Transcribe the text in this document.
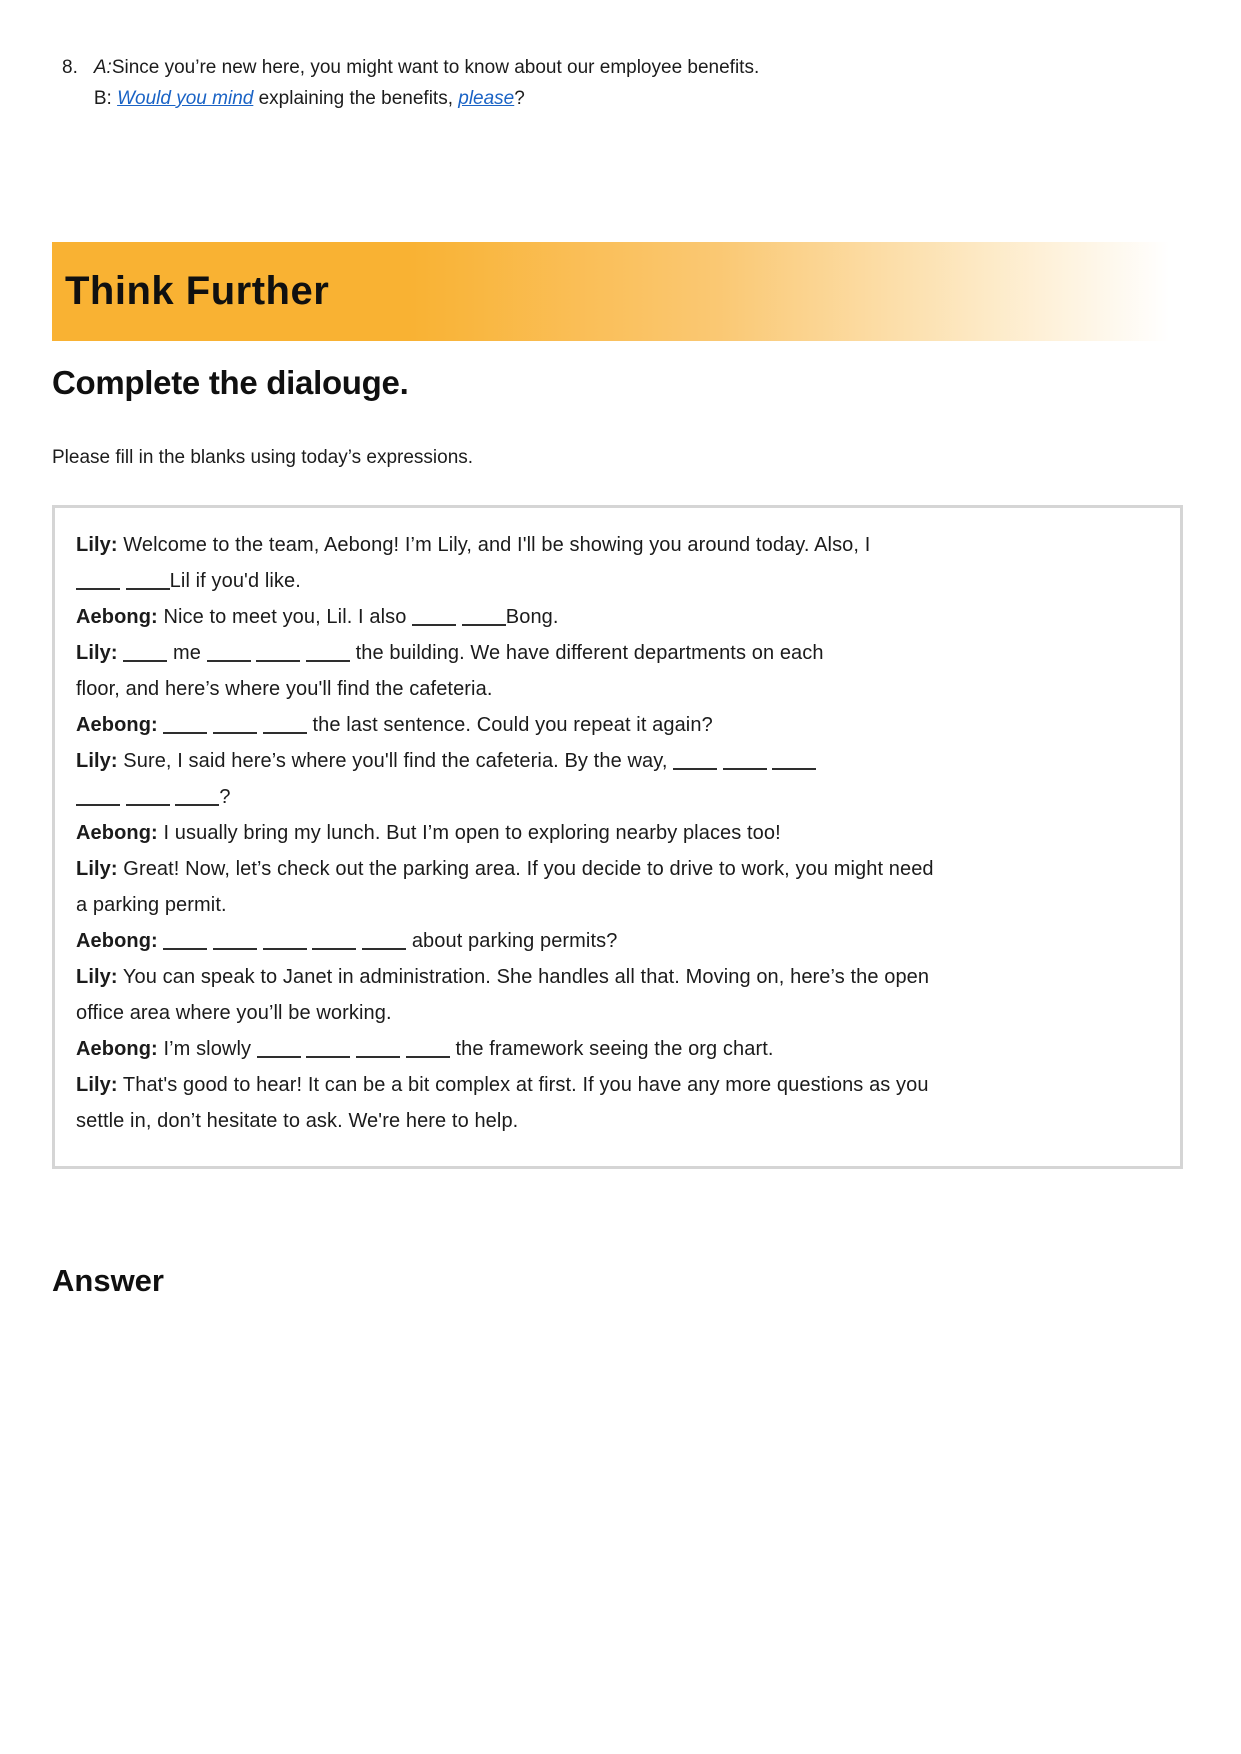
8. A:Since you’re new here, you might want to know about our employee benefits.
B: Would you mind explaining the benefits, please?
Think Further
Complete the dialouge.

Please fill in the blanks using today’s expressions.

Lily: Welcome to the team, Aebong! I’m Lily, and I'll be showing you around today. Also, I
Lil if you'd like.
Aebong: Nice to meet you, Lil. I also	Bong.
Lily:  me	the building. We have different departments on each
floor, and here’s where you'll find the cafeteria.
Aebong:	the last sentence. Could you repeat it again?
Lily: Sure, I said here’s where you'll find the cafeteria. By the way,
?
Aebong: I usually bring my lunch. But I’m open to exploring nearby places too!
Lily: Great! Now, let’s check out the parking area. If you decide to drive to work, you might need
a parking permit.
Aebong:	about parking permits?
Lily: You can speak to Janet in administration. She handles all that. Moving on, here’s the open
office area where you’ll be working.
Aebong: I’m slowly	the framework seeing the org chart.
Lily: That's good to hear! It can be a bit complex at first. If you have any more questions as you
settle in, don’t hesitate to ask. We're here to help.
Answer
